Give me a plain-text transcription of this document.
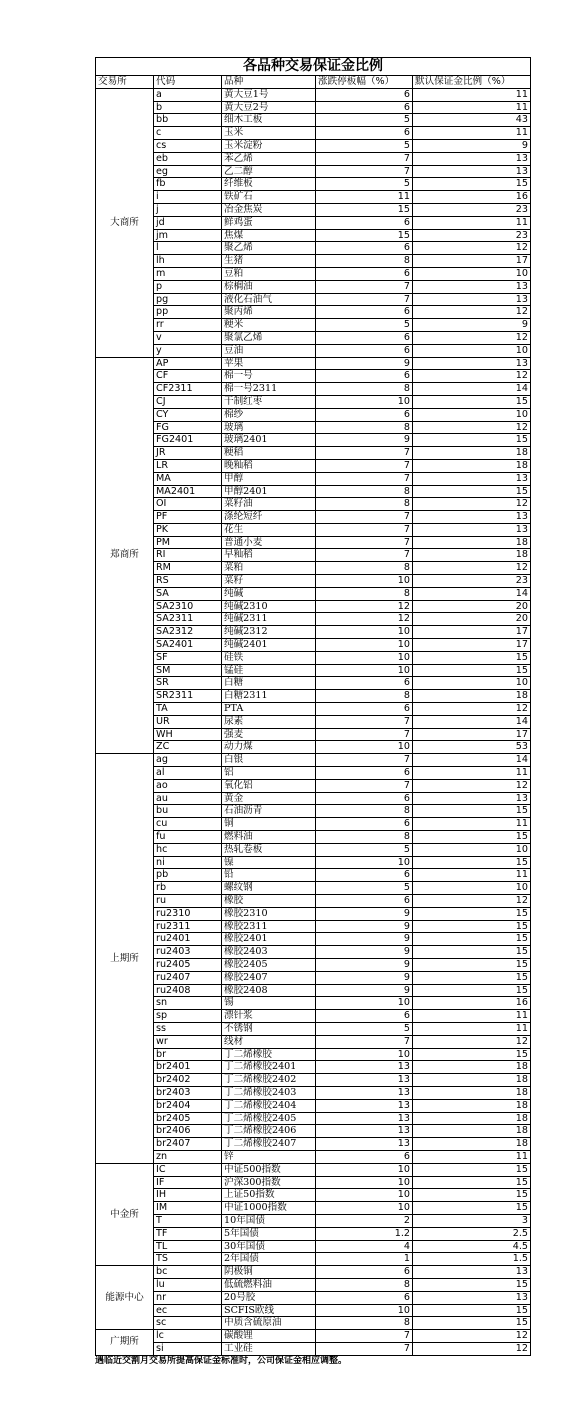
各品种交易保证金比例				
交易所	代码	品种	涨跌停板幅（%）	默认保证金比例（%）
大商所	a	黄大豆1号	6	11
	b	黄大豆2号	6	11
	bb	细木工板	5	43
	c	玉米	6	11
	cs	玉米淀粉	5	9
	eb	苯乙烯	7	13
	eg	乙二醇	7	13
	fb	纤维板	5	15
	i	铁矿石	11	16
	j	冶金焦炭	15	23
	jd	鲜鸡蛋	6	11
	jm	焦煤	15	23
	l	聚乙烯	6	12
	lh	生猪	8	17
	m	豆粕	6	10
	p	棕榈油	7	13
	pg	液化石油气	7	13
	pp	聚丙烯	6	12
	rr	粳米	5	9
	v	聚氯乙烯	6	12
	y	豆油	6	10
郑商所	AP	苹果	9	13
	CF	棉一号	6	12
	CF2311	棉一号2311	8	14
	CJ	干制红枣	10	15
	CY	棉纱	6	10
	FG	玻璃	8	12
	FG2401	玻璃2401	9	15
	JR	粳稻	7	18
	LR	晚籼稻	7	18
	MA	甲醇	7	13
	MA2401	甲醇2401	8	15
	OI	菜籽油	8	12
	PF	涤纶短纤	7	13
	PK	花生	7	13
	PM	普通小麦	7	18
	RI	早籼稻	7	18
	RM	菜粕	8	12
	RS	菜籽	10	23
	SA	纯碱	8	14
	SA2310	纯碱2310	12	20
	SA2311	纯碱2311	12	20
	SA2312	纯碱2312	10	17
	SA2401	纯碱2401	10	17
	SF	硅铁	10	15
	SM	锰硅	10	15
	SR	白糖	6	10
	SR2311	白糖2311	8	18
	TA	PTA	6	12
	UR	尿素	7	14
	WH	强麦	7	17
	ZC	动力煤	10	53
上期所	ag	白银	7	14
	al	铝	6	11
	ao	氧化铝	7	12
	au	黄金	6	13
	bu	石油沥青	8	15
	cu	铜	6	11
	fu	燃料油	8	15
	hc	热轧卷板	5	10
	ni	镍	10	15
	pb	铅	6	11
	rb	螺纹钢	5	10
	ru	橡胶	6	12
	ru2310	橡胶2310	9	15
	ru2311	橡胶2311	9	15
	ru2401	橡胶2401	9	15
	ru2403	橡胶2403	9	15
	ru2405	橡胶2405	9	15
	ru2407	橡胶2407	9	15
	ru2408	橡胶2408	9	15
	sn	锡	10	16
	sp	漂针浆	6	11
	ss	不锈钢	5	11
	wr	线材	7	12
	br	丁二烯橡胶	10	15
	br2401	丁二烯橡胶2401	13	18
	br2402	丁二烯橡胶2402	13	18
	br2403	丁二烯橡胶2403	13	18
	br2404	丁二烯橡胶2404	13	18
	br2405	丁二烯橡胶2405	13	18
	br2406	丁二烯橡胶2406	13	18
	br2407	丁二烯橡胶2407	13	18
	zn	锌	6	11
中金所	IC	中证500指数	10	15
	IF	沪深300指数	10	15
	IH	上证50指数	10	15
	IM	中证1000指数	10	15
	T	10年国债	2	3
	TF	5年国债	1.2	2.5
	TL	30年国债	4	4.5
	TS	2年国债	1	1.5
能源中心	bc	阴极铜	6	13
	lu	低硫燃料油	8	15
	nr	20号胶	6	13
	ec	SCFIS欧线	10	15
	sc	中质含硫原油	8	15
广期所	lc	碳酸锂	7	12
	si	工业硅	7	12
遇临近交割月交易所提高保证金标准时，公司保证金相应调整。
